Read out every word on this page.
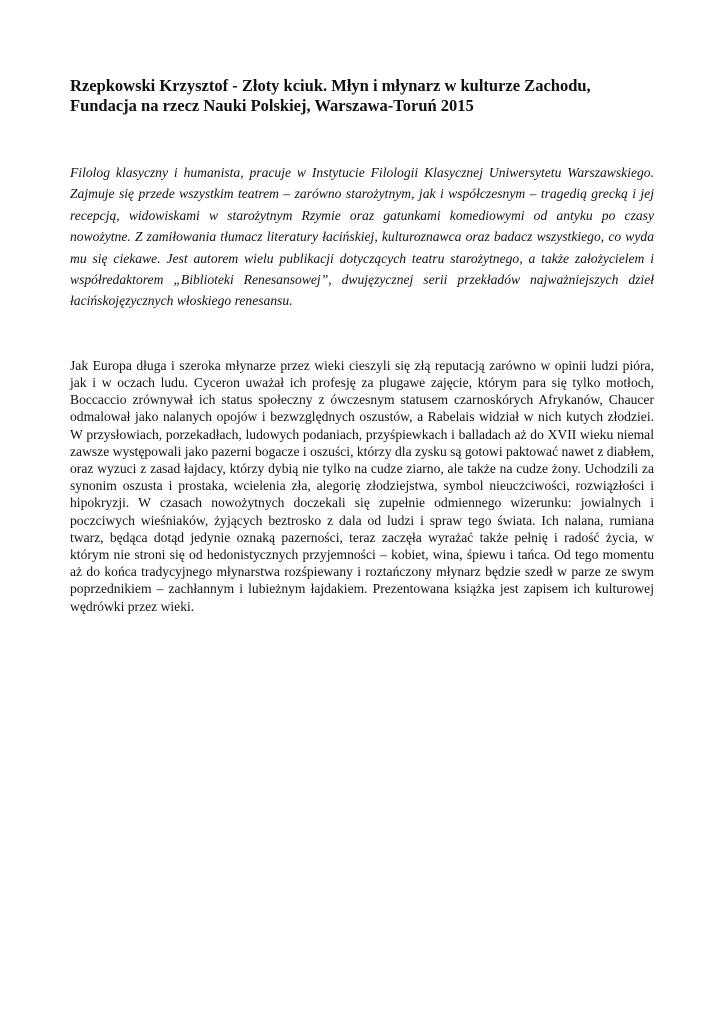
Rzepkowski Krzysztof - Złoty kciuk. Młyn i młynarz w kulturze Zachodu,
Fundacja na rzecz Nauki Polskiej, Warszawa-Toruń 2015

Filolog klasyczny i humanista, pracuje w Instytucie Filologii Klasycznej Uniwersytetu Warszawskiego. Zajmuje się przede wszystkim teatrem – zarówno starożytnym, jak i współczesnym – tragedią grecką i jej recepcją, widowiskami w starożytnym Rzymie oraz gatunkami komediowymi od antyku po czasy nowożytne. Z zamiłowania tłumacz literatury łacińskiej, kulturoznawca oraz badacz wszystkiego, co wyda mu się ciekawe. Jest autorem wielu publikacji dotyczących teatru starożytnego, a także założycielem i współredaktorem „Biblioteki Renesansowej”, dwujęzycznej serii przekładów najważniejszych dzieł łacińskojęzycznych włoskiego renesansu.

Jak Europa długa i szeroka młynarze przez wieki cieszyli się złą reputacją zarówno w opinii ludzi pióra, jak i w oczach ludu. Cyceron uważał ich profesję za plugawe zajęcie, którym para się tylko motłoch, Boccaccio zrównywał ich status społeczny z ówczesnym statusem czarnoskórych Afrykanów, Chaucer odmalował jako nalanych opojów i bezwzględnych oszustów, a Rabelais widział w nich kutych złodziei. W przysłowiach, porzekadłach, ludowych podaniach, przyśpiewkach i balladach aż do XVII wieku niemal zawsze występowali jako pazerni bogacze i oszuści, którzy dla zysku są gotowi paktować nawet z diabłem, oraz wyzuci z zasad łajdacy, którzy dybią nie tylko na cudze ziarno, ale także na cudze żony. Uchodzili za synonim oszusta i prostaka, wcielenia zła, alegorię złodziejstwa, symbol nieuczciwości, rozwiązłości i hipokryzji. W czasach nowożytnych doczekali się zupełnie odmiennego wizerunku: jowialnych i poczciwych wieśniaków, żyjących beztrosko z dala od ludzi i spraw tego świata. Ich nalana, rumiana twarz, będąca dotąd jedynie oznaką pazerności, teraz zaczęła wyrażać także pełnię i radość życia, w którym nie stroni się od hedonistycznych przyjemności – kobiet, wina, śpiewu i tańca. Od tego momentu aż do końca tradycyjnego młynarstwa rozśpiewany i roztańczony młynarz będzie szedł w parze ze swym poprzednikiem – zachłannym i lubieżnym łajdakiem. Prezentowana książka jest zapisem ich kulturowej wędrówki przez wieki.
